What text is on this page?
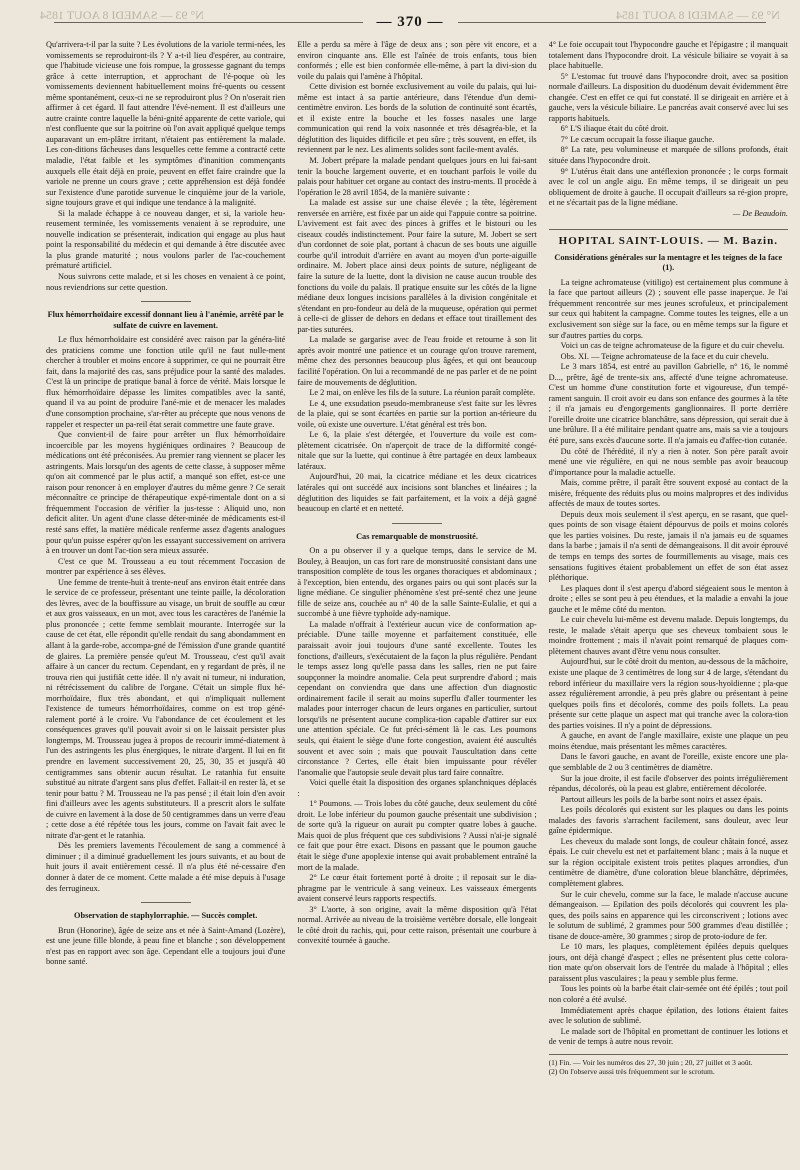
N° 93 — SAMEDI 8 AOUT 1854	— 370 —	N° 93 — SAMEDI 8 AOUT 1854

Qu'arrivera-t-il par la suite ? Les évolutions de la variole termi-nées, les vomissements se reproduiront-ils ? Y a-t-il lieu d'espérer, au contraire, que l'habitude vicieuse une fois rompue, la grossesse gagnant du temps grâce à cette interruption, et approchant de l'é-poque où les vomissements deviennent habituellement moins fré-quents ou cessent même spontanément, ceux-ci ne se reproduiront plus ? On n'oserait rien affirmer à cet égard. Il faut attendre l'évé-nement. Il est d'ailleurs une autre crainte contre laquelle la béni-gnité apparente de cette variole, qui n'est confluente que sur la poitrine où l'on avait appliqué quelque temps auparavant un em-plâtre irritant, n'étaient pas entièrement la malade. Les con-ditions fâcheuses dans lesquelles cette femme a contracté cette maladie, l'état faible et les symptômes d'inanition commençants auxquels elle était déjà en proie, peuvent en effet faire craindre que la variole ne prenne un cours grave ; cette appréhension est déjà fondée sur l'existence d'une parotide survenue le cinquième jour de la variole, signe toujours grave et qui indique une tendance à la malignité.

Si la malade échappe à ce nouveau danger, et si, la variole heu-reusement terminée, les vomissements venaient à se reproduire, une nouvelle indication se présenterait, indication qui engage au plus haut point la responsabilité du médecin et qui demande à être discutée avec la plus grande maturité ; nous voulons parler de l'ac-couchement prématuré artificiel.

Nous suivrons cette malade, et si les choses en venaient à ce point, nous reviendrions sur cette question.

Flux hémorrhoïdaire excessif donnant lieu à l'anémie, arrêté par le sulfate de cuivre en lavement.

Le flux hémorrhoïdaire est considéré avec raison par la généra-lité des praticiens comme une fonction utile qu'il ne faut nulle-ment chercher à troubler et moins encore à supprimer, ce qui ne pourrait être fait, dans la majorité des cas, sans préjudice pour la santé des malades. C'est là un principe de pratique banal à force de vérité. Mais lorsque le flux hémorrhoïdaire dépasse les limites compatibles avec la santé, quand il va au point de produire l'ané-mie et de menacer les malades d'une consomption prochaine, s'ar-rêter au précepte que nous venons de rappeler et respecter un pa-reil état serait commettre une faute grave.

Que convient-il de faire pour arrêter un flux hémorrhoïdaire incoercible par les moyens hygiéniques ordinaires ? Beaucoup de médications ont été préconisées. Au premier rang viennent se placer les astringents. Mais lorsqu'un des agents de cette classe, à supposer même qu'on ait commencé par le plus actif, a manqué son effet, est-ce une raison pour renoncer à en employer d'autres du même genre ? Ce serait méconnaître ce principe de thérapeutique expé-rimentale dont on a si fréquemment l'occasion de vérifier la jus-tesse : Aliquid uno, non deficit aliter. Un agent d'une classe déter-minée de médicaments est-il resté sans effet, la matière médicale renferme assez d'agents analogues pour qu'un puisse espérer qu'on les essayant successivement on arrivera à en trouver un dont l'ac-tion sera mieux assurée.

C'est ce que M. Trousseau a eu tout récemment l'occasion de montrer par expérience à ses élèves.

Une femme de trente-huit à trente-neuf ans environ était entrée dans le service de ce professeur, présentant une teinte paille, la décoloration des lèvres, avec de la bouffissure au visage, un bruit de souffle au cœur et aux gros vaisseaux, en un mot, avec tous les caractères de l'anémie la plus prononcée ; cette femme semblait mourante. Interrogée sur la cause de cet état, elle répondit qu'elle rendait du sang abondamment en allant à la garde-robe, accompa-gné de l'émission d'une grande quantité de glaires. La première pensée qu'eut M. Trousseau, c'est qu'il avait affaire à un cancer du rectum. Cependant, en y regardant de près, il ne trouva rien qui justifiât cette idée. Il n'y avait ni tumeur, ni induration, ni rétrécissement du calibre de l'organe. C'était un simple flux hé-morrhoïdaire, flux très abondant, et qui n'impliquait nullement l'existence de tumeurs hémorrhoïdaires, comme on est trop géné-ralement porté à le croire. Vu l'abondance de cet écoulement et les conséquences graves qu'il pouvait avoir si on le laissait persister plus longtemps, M. Trousseau jugea à propos de recourir immé-diatement à l'un des astringents les plus énergiques, le nitrate d'argent. Il lui en fit prendre en lavement successivement 20, 25, 30, 35 et jusqu'à 40 centigrammes sans obtenir aucun résultat. Le ratanhia fut ensuite substitué au nitrate d'argent sans plus d'effet. Fallait-il en rester là, et se tenir pour battu ? M. Trousseau ne l'a pas pensé ; il était loin d'en avoir fini d'ailleurs avec les agents substituteurs. Il a prescrit alors le sulfate de cuivre en lavement à la dose de 50 centigrammes dans un verre d'eau ; cette dose a été répétée tous les jours, comme on l'avait fait avec le nitrate d'ar-gent et le ratanhia.

Dès les premiers lavements l'écoulement de sang a commencé à diminuer ; il a diminué graduellement les jours suivants, et au bout de huit jours il avait entièrement cessé. Il n'a plus été né-cessaire d'en donner à dater de ce moment. Cette malade a été mise depuis à l'usage des ferrugineux.

Observation de staphylorraphie. — Succès complet.

Brun (Honorine), âgée de seize ans et née à Saint-Amand (Lozère), est une jeune fille blonde, à peau fine et blanche ; son développement n'est pas en rapport avec son âge. Cependant elle a toujours joui d'une bonne santé.

Elle a perdu sa mère à l'âge de deux ans ; son père vit encore, et a environ cinquante ans. Elle est l'aînée de trois enfants, tous bien conformés ; elle est bien conformée elle-même, à part la divi-sion du voile du palais qui l'amène à l'hôpital.

Cette division est bornée exclusivement au voile du palais, qui lui-même est intact à sa partie antérieure, dans l'étendue d'un demi-centimètre environ. Les bords de la solution de continuité sont écartés, et il existe entre la bouche et les fosses nasales une large communication qui rend la voix nasonnée et très désagréa-ble, et la déglutition des liquides difficile et peu sûre ; très souvent, en effet, ils reviennent par le nez. Les aliments solides sont facile-ment avalés.

M. Jobert prépare la malade pendant quelques jours en lui fai-sant tenir la bouche largement ouverte, et en touchant parfois le voile du palais pour habituer cet organe au contact des instru-ments. Il procède à l'opération le 28 avril 1854, de la manière suivante :

La malade est assise sur une chaise élevée ; la tête, légèrement renversée en arrière, est fixée par un aide qui l'appuie contre sa poitrine. L'avivement est fait avec des pinces à griffes et le bistouri ou les ciseaux coudés indistinctement. Pour faire la suture, M. Jobert se sert d'un cordonnet de soie plat, portant à chacun de ses bouts une aiguille courbe qu'il introduit d'arrière en avant au moyen d'un porte-aiguille ordinaire. M. Jobert place ainsi deux points de suture, négligeant de faire la suture de la luette, dont la division ne cause aucun trouble des fonctions du voile du palais. Il pratique ensuite sur les côtés de la ligne médiane deux longues incisions parallèles à la division congénitale et s'étendant en pro-fondeur au delà de la muqueuse, opération qui permet à celle-ci de glisser de dehors en dedans et efface tout tiraillement des par-ties suturées.

La malade se gargarise avec de l'eau froide et retourne à son lit après avoir montré une patience et un courage qu'on trouve rarement, même chez des personnes beaucoup plus âgées, et qui ont beaucoup facilité l'opération. On lui a recommandé de ne pas parler et de ne point faire de mouvements de déglutition.

Le 2 mai, on enlève les fils de la suture. La réunion paraît complète.

Le 4, une exsudation pseudo-membraneuse s'est faite sur les lèvres de la plaie, qui se sont écartées en partie sur la portion an-térieure du voile, où existe une ouverture. L'état général est très bon.

Le 6, la plaie s'est détergée, et l'ouverture du voile est com-plètement cicatrisée. On n'aperçoit de trace de la difformité congé-nitale que sur la luette, qui continue à être partagée en deux lambeaux latéraux.

Aujourd'hui, 20 mai, la cicatrice médiane et les deux cicatrices latérales qui ont succédé aux incisions sont blanches et linéaires ; la déglutition des liquides se fait parfaitement, et la voix a déjà gagné beaucoup en clarté et en netteté.

Cas remarquable de monstruosité.

On a pu observer il y a quelque temps, dans le service de M. Bouley, à Beaujon, un cas fort rare de monstruosité consistant dans une transposition complète de tous les organes thoraciques et abdominaux ; à l'exception, bien entendu, des organes pairs ou qui sont placés sur la ligne médiane. Ce singulier phénomène s'est pré-senté chez une jeune fille de seize ans, couchée au n° 40 de la salle Sainte-Eulalie, et qui a succombé à une fièvre typhoïde ady-namique.

La malade n'offrait à l'extérieur aucun vice de conformation ap-préciable. D'une taille moyenne et parfaitement constituée, elle paraissait avoir joui toujours d'une santé excellente. Toutes les fonctions, d'ailleurs, s'exécutaient de la façon la plus régulière. Pendant le temps assez long qu'elle passa dans les salles, rien ne put faire soupçonner la moindre anomalie. Cela peut surprendre d'abord ; mais cependant on conviendra que dans une affection d'un diagnostic ordinairement facile il serait au moins superflu d'aller tourmenter les malades pour interroger chacun de leurs organes en particulier, surtout lorsqu'ils ne présentent aucune complica-tion capable d'attirer sur eux une attention spéciale. Ce fut préci-sément là le cas. Les poumons seuls, qui étaient le siège d'une forte congestion, avaient été auscultés souvent et avec soin ; mais que pouvait l'auscultation dans cette circonstance ? Certes, elle était bien impuissante pour révéler l'anomalie que l'autopsie seule devait plus tard faire connaître.

Voici quelle était la disposition des organes splanchniques déplacés :

1° Poumons. — Trois lobes du côté gauche, deux seulement du côté droit. Le lobe inférieur du poumon gauche présentait une subdivision ; de sorte qu'à la rigueur on aurait pu compter quatre lobes à gauche. Mais quoi de plus fréquent que ces subdivisions ? Aussi n'ai-je signalé ce fait que pour être exact. Disons en passant que le poumon gauche était le siège d'une apoplexie intense qui avait probablement entraîné la mort de la malade.

2° Le cœur était fortement porté à droite ; il reposait sur le dia-phragme par le ventricule à sang veineux. Les vaisseaux émergents avaient conservé leurs rapports respectifs.

3° L'aorte, à son origine, avait la même disposition qu'à l'état normal. Arrivée au niveau de la troisième vertèbre dorsale, elle longeait le côté droit du rachis, qui, pour cette raison, présentait une courbure à convexité tournée à gauche.

4° Le foie occupait tout l'hypocondre gauche et l'épigastre ; il manquait totalement dans l'hypocondre droit. La vésicule biliaire se voyait à sa place habituelle.

5° L'estomac fut trouvé dans l'hypocondre droit, avec sa position normale d'ailleurs. La disposition du duodénum devait évidemment être changée. C'est en effet ce qui fut constaté. Il se dirigeait en arrière et à gauche, vers la vésicule biliaire. Le pancréas avait conservé avec lui ses rapports habituels.

6° L'S iliaque était du côté droit.

7° Le cæcum occupait la fosse iliaque gauche.

8° La rate, peu volumineuse et marquée de sillons profonds, était située dans l'hypocondre droit.

9° L'utérus était dans une antéflexion prononcée ; le corps formait avec le col un angle aigu. En même temps, il se dirigeait un peu obliquement de droite à gauche. Il occupait d'ailleurs sa ré-gion propre, et ne s'écartait pas de la ligne médiane.

— De Beaudoin.

HOPITAL SAINT-LOUIS. — M. Bazin.
Considérations générales sur la mentagre et les teignes de la face (1).

La teigne achromateuse (vitiligo) est certainement plus commune à la face que partout ailleurs (2) ; souvent elle passe inaperçue. Je l'ai fréquemment rencontrée sur mes jeunes scrofuleux, et principalement sur ceux qui habitent la campagne. Comme toutes les teignes, elle a un exclusivement son siège sur la face, ou en même temps sur la figure et sur d'autres parties du corps.

Voici un cas de teigne achromateuse de la figure et du cuir chevelu.

Obs. XI. — Teigne achromateuse de la face et du cuir chevelu.

Le 3 mars 1854, est entré au pavillon Gabrielle, n° 16, le nommé D..., prêtre, âgé de trente-six ans, affecté d'une teigne achromateuse. C'est un homme d'une constitution forte et vigoureuse, d'un tempé-rament sanguin. Il croit avoir eu dans son enfance des gourmes à la tête ; il n'a jamais eu d'engorgements ganglionnaires. Il porte derrière l'oreille droite une cicatrice blanchâtre, sans dépression, qui serait due à une brûlure. Il a été militaire pendant quatre ans, mais sa vie a toujours été pure, sans excès d'aucune sorte. Il n'a jamais eu d'affec-tion cutanée.

Du côté de l'hérédité, il n'y a rien à noter. Son père paraît avoir mené une vie régulière, en qui ne nous semble pas avoir beaucoup d'importance pour la maladie actuelle.

Mais, comme prêtre, il paraît être souvent exposé au contact de la misère, fréquente des réduits plus ou moins malpropres et des individus affectés de maux de toutes sortes.

Depuis deux mois seulement il s'est aperçu, en se rasant, que quel-ques points de son visage étaient dépourvus de poils et moins colorés que les parties voisines. Du reste, jamais il n'a jamais eu de squames dans la barbe ; jamais il n'a senti de démangeaisons. Il dit avoir éprouvé de temps en temps des sortes de fourmillements au visage, mais ces sensations fugitives étaient probablement un effet de son état assez pléthorique.

Les plaques dont il s'est aperçu d'abord siégeaient sous le menton à droite ; elles se sont peu à peu étendues, et la maladie a envahi la joue gauche et le même côté du menton.

Le cuir chevelu lui-même est devenu malade. Depuis longtemps, du reste, le malade s'était aperçu que ses cheveux tombaient sous le moindre frottement ; mais il n'avait point remarqué de plaques com-plètement chauves avant d'être venu nous consulter.

Aujourd'hui, sur le côté droit du menton, au-dessous de la mâchoire, existe une plaque de 3 centimètres de long sur 4 de large, s'étendant du rebord inférieur du maxillaire vers la région sous-hyoïdienne ; pla-que assez régulièrement arrondie, à peu près glabre ou présentant à peine quelques poils fins et décolorés, comme des poils follets. La peau présente sur cette plaque un aspect mat qui tranche avec la colora-tion des parties voisines. Il n'y a point de dépressions.

A gauche, en avant de l'angle maxillaire, existe une plaque un peu moins étendue, mais présentant les mêmes caractères.

Dans le favori gauche, en avant de l'oreille, existe encore une pla-que semblable de 2 ou 3 centimètres de diamètre.

Sur la joue droite, il est facile d'observer des points irrégulièrement répandus, décolorés, où la peau est glabre, entièrement décolorée.

Partout ailleurs les poils de la barbe sont noirs et assez épais.

Les poils décolorés qui existent sur les plaques ou dans les points malades des favoris s'arrachent facilement, sans douleur, avec leur gaîne épidermique.

Les cheveux du malade sont longs, de couleur châtain foncé, assez épais. Le cuir chevelu est net et parfaitement blanc ; mais à la nuque et sur la région occipitale existent trois petites plaques arrondies, d'un centimètre de diamètre, d'une coloration bleue blanchâtre, déprimées, complètement glabres.

Sur le cuir chevelu, comme sur la face, le malade n'accuse aucune démangeaison. — Epilation des poils décolorés qui couvrent les pla-ques, des poils sains en apparence qui les circonscrivent ; lotions avec le solutum de sublimé, 2 grammes pour 500 grammes d'eau distillée ; tisane de douce-amère, 30 grammes ; sirop de proto-iodure de fer.

Le 10 mars, les plaques, complètement épilées depuis quelques jours, ont déjà changé d'aspect ; elles ne présentent plus cette colora-tion mate qu'on observait lors de l'entrée du malade à l'hôpital ; elles paraissent plus vasculaires ; la peau y semble plus ferme.

Tous les points où la barbe était clair-semée ont été épilés ; tout poil non coloré a été avulsé.

Immédiatement après chaque épilation, des lotions étaient faites avec le solution de sublimé.

Le malade sort de l'hôpital en promettant de continuer les lotions et de venir de temps à autre nous revoir.

(1) Fin. — Voir les numéros des 27, 30 juin ; 20, 27 juillet et 3 août.

(2) On l'observe aussi très fréquemment sur le scrotum.
